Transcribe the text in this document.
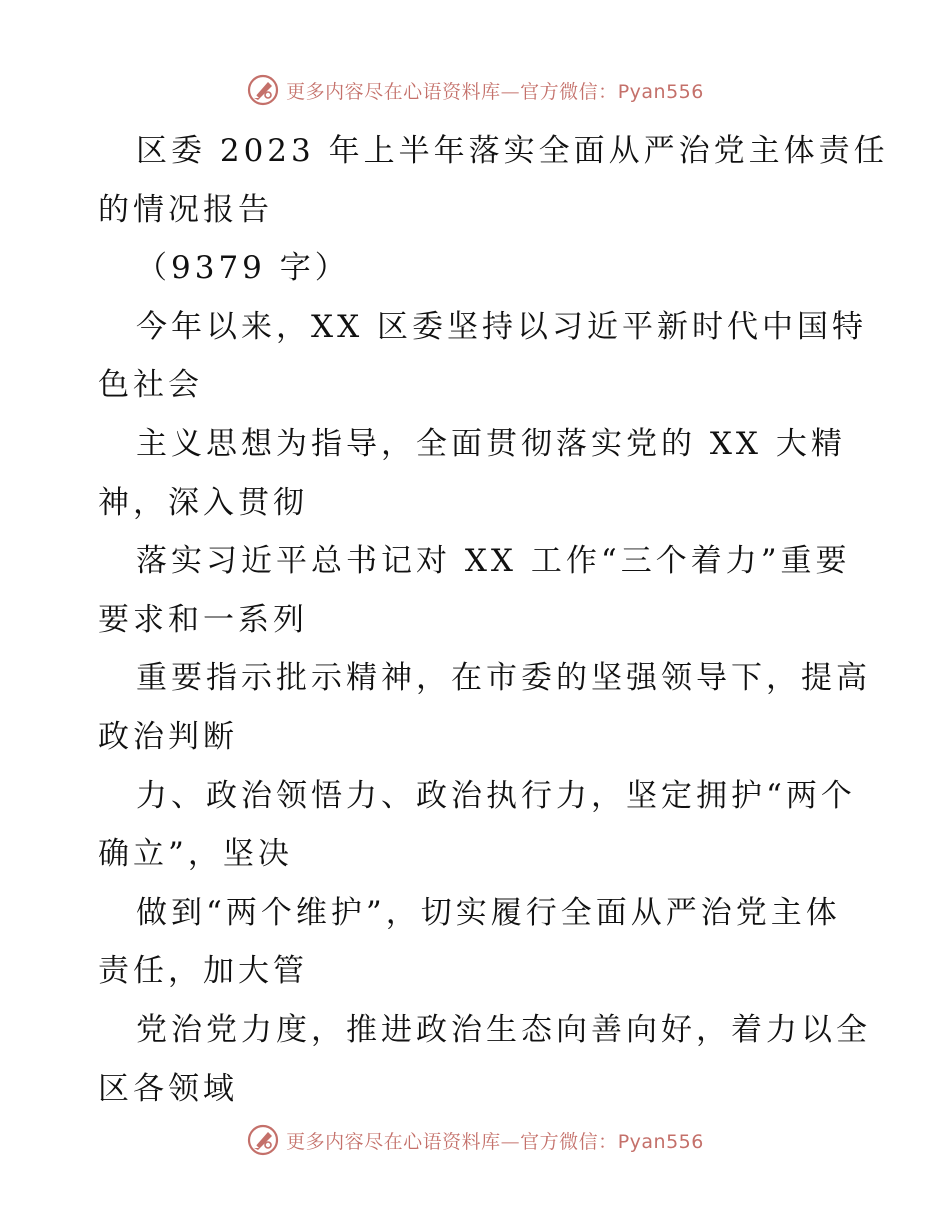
更多内容尽在心语资料库—官方微信：Pyan556
区委 2023 年上半年落实全面从严治党主体责任
的情况报告
（9379 字）
今年以来，XX 区委坚持以习近平新时代中国特
色社会
主义思想为指导，全面贯彻落实党的 XX 大精
神，深入贯彻
落实习近平总书记对 XX 工作“三个着力”重要
要求和一系列
重要指示批示精神，在市委的坚强领导下，提高
政治判断
力、政治领悟力、政治执行力，坚定拥护“两个
确立”，坚决
做到“两个维护”，切实履行全面从严治党主体
责任，加大管
党治党力度，推进政治生态向善向好，着力以全
区各领域
更多内容尽在心语资料库—官方微信：Pyan556
